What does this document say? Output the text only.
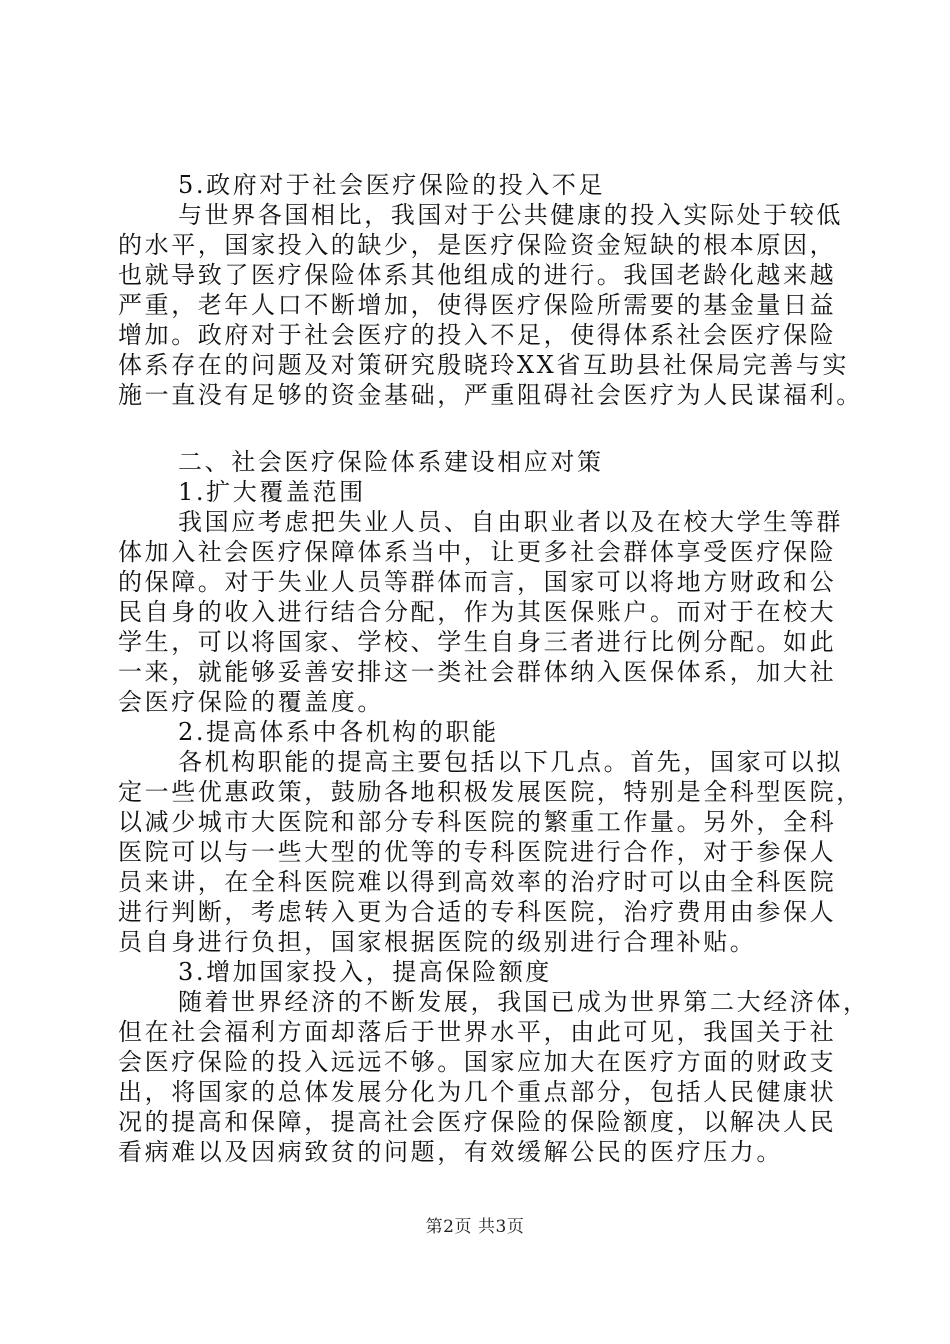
5.政府对于社会医疗保险的投入不足
与世界各国相比，我国对于公共健康的投入实际处于较低
的水平，国家投入的缺少，是医疗保险资金短缺的根本原因，
也就导致了医疗保险体系其他组成的进行。我国老龄化越来越
严重，老年人口不断增加，使得医疗保险所需要的基金量日益
增加。政府对于社会医疗的投入不足，使得体系社会医疗保险
体系存在的问题及对策研究殷晓玲XX省互助县社保局完善与实
施一直没有足够的资金基础，严重阻碍社会医疗为人民谋福利。
二、社会医疗保险体系建设相应对策
1.扩大覆盖范围
我国应考虑把失业人员、自由职业者以及在校大学生等群
体加入社会医疗保障体系当中，让更多社会群体享受医疗保险
的保障。对于失业人员等群体而言，国家可以将地方财政和公
民自身的收入进行结合分配，作为其医保账户。而对于在校大
学生，可以将国家、学校、学生自身三者进行比例分配。如此
一来，就能够妥善安排这一类社会群体纳入医保体系，加大社
会医疗保险的覆盖度。
2.提高体系中各机构的职能
各机构职能的提高主要包括以下几点。首先，国家可以拟
定一些优惠政策，鼓励各地积极发展医院，特别是全科型医院，
以减少城市大医院和部分专科医院的繁重工作量。另外，全科
医院可以与一些大型的优等的专科医院进行合作，对于参保人
员来讲，在全科医院难以得到高效率的治疗时可以由全科医院
进行判断，考虑转入更为合适的专科医院，治疗费用由参保人
员自身进行负担，国家根据医院的级别进行合理补贴。
3.增加国家投入，提高保险额度
随着世界经济的不断发展，我国已成为世界第二大经济体，
但在社会福利方面却落后于世界水平，由此可见，我国关于社
会医疗保险的投入远远不够。国家应加大在医疗方面的财政支
出，将国家的总体发展分化为几个重点部分，包括人民健康状
况的提高和保障，提高社会医疗保险的保险额度，以解决人民
看病难以及因病致贫的问题，有效缓解公民的医疗压力。
第2页 共3页
